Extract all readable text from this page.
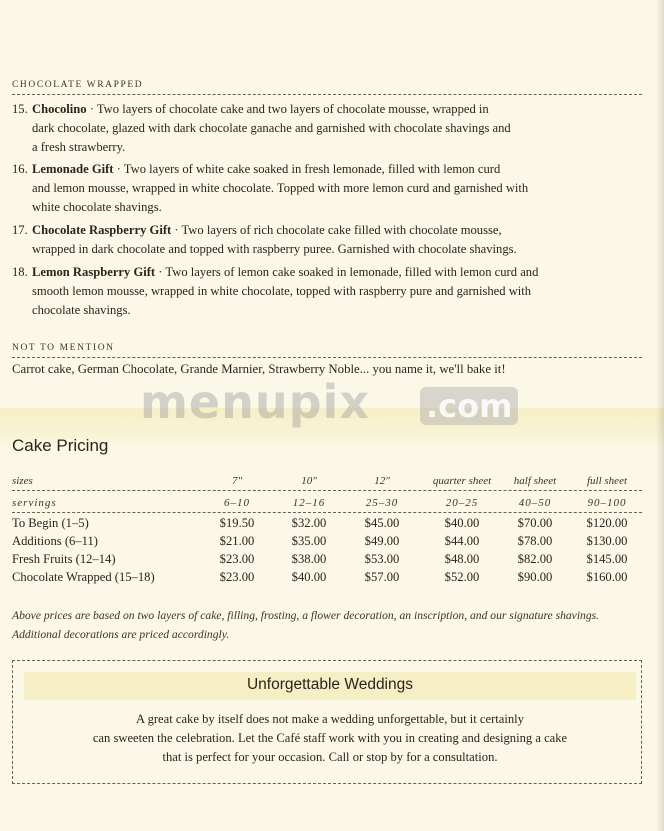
CHOCOLATE WRAPPED
15. Chocolino · Two layers of chocolate cake and two layers of chocolate mousse, wrapped in
dark chocolate, glazed with dark chocolate ganache and garnished with chocolate shavings and
a fresh strawberry.
16. Lemonade Gift · Two layers of white cake soaked in fresh lemonade, filled with lemon curd
and lemon mousse, wrapped in white chocolate. Topped with more lemon curd and garnished with
white chocolate shavings.
17. Chocolate Raspberry Gift · Two layers of rich chocolate cake filled with chocolate mousse,
wrapped in dark chocolate and topped with raspberry puree. Garnished with chocolate shavings.
18. Lemon Raspberry Gift · Two layers of lemon cake soaked in lemonade, filled with lemon curd and
smooth lemon mousse, wrapped in white chocolate, topped with raspberry pure and garnished with
chocolate shavings.
NOT TO MENTION
Carrot cake, German Chocolate, Grande Marnier, Strawberry Noble... you name it, we'll bake it!
menupix .com
Cake Pricing
sizes	7"	10"	12"	quarter sheet	half sheet	full sheet
servings	6–10	12–16	25–30	20–25	40–50	90–100
To Begin (1–5)	$19.50	$32.00	$45.00	$40.00	$70.00	$120.00
Additions (6–11)	$21.00	$35.00	$49.00	$44.00	$78.00	$130.00
Fresh Fruits (12–14)	$23.00	$38.00	$53.00	$48.00	$82.00	$145.00
Chocolate Wrapped (15–18)	$23.00	$40.00	$57.00	$52.00	$90.00	$160.00
Above prices are based on two layers of cake, filling, frosting, a flower decoration, an inscription, and our signature shavings.
Additional decorations are priced accordingly.
Unforgettable Weddings
A great cake by itself does not make a wedding unforgettable, but it certainly
can sweeten the celebration. Let the Café staff work with you in creating and designing a cake
that is perfect for your occasion. Call or stop by for a consultation.
